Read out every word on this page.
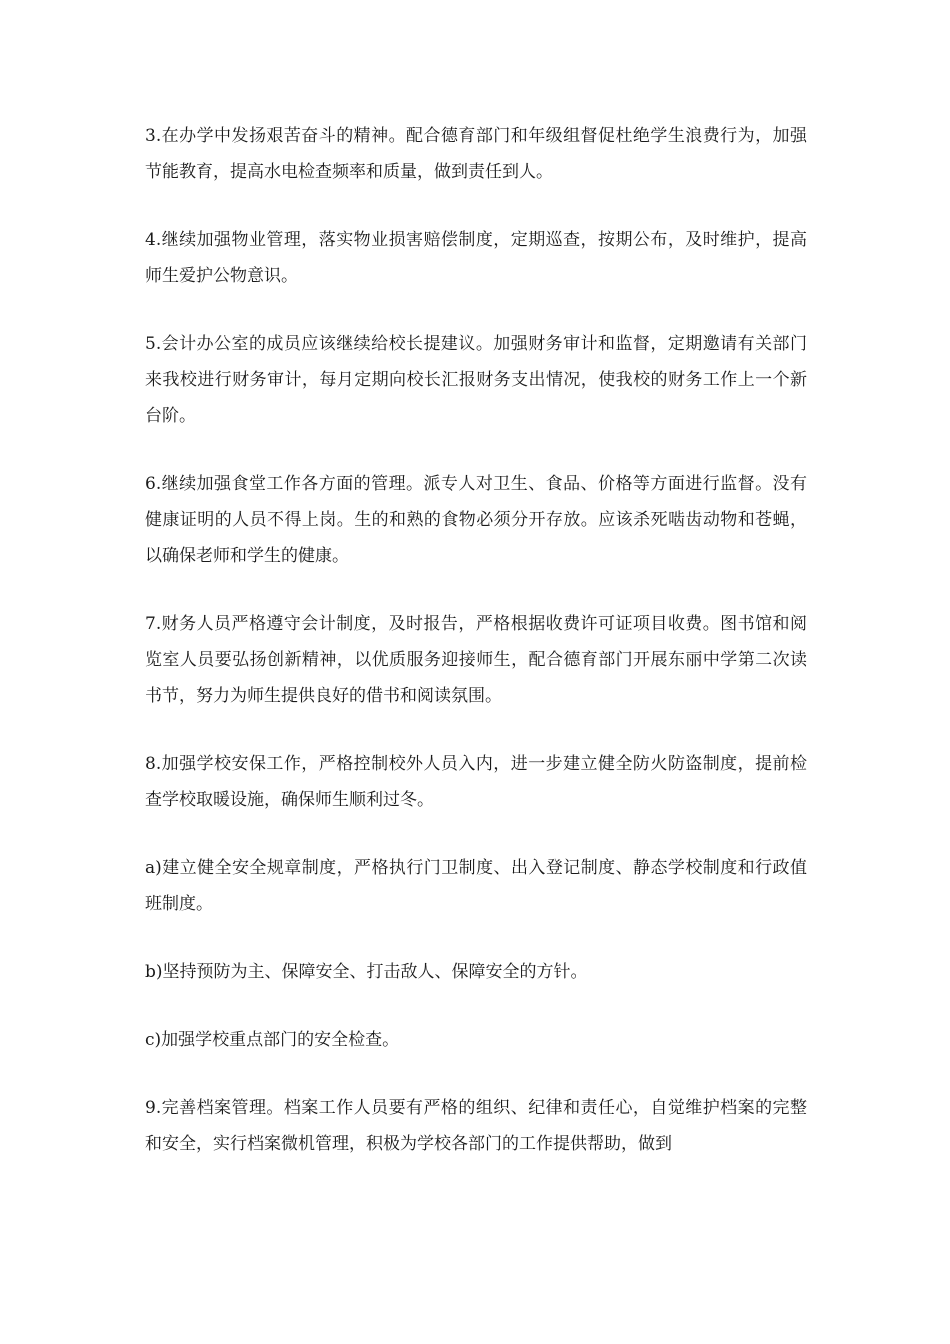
3.在办学中发扬艰苦奋斗的精神。配合德育部门和年级组督促杜绝学生浪费行为，加强节能教育，提高水电检查频率和质量，做到责任到人。

4.继续加强物业管理，落实物业损害赔偿制度，定期巡查，按期公布，及时维护，提高师生爱护公物意识。

5.会计办公室的成员应该继续给校长提建议。加强财务审计和监督，定期邀请有关部门来我校进行财务审计，每月定期向校长汇报财务支出情况，使我校的财务工作上一个新台阶。

6.继续加强食堂工作各方面的管理。派专人对卫生、食品、价格等方面进行监督。没有健康证明的人员不得上岗。生的和熟的食物必须分开存放。应该杀死啮齿动物和苍蝇，以确保老师和学生的健康。

7.财务人员严格遵守会计制度，及时报告，严格根据收费许可证项目收费。图书馆和阅览室人员要弘扬创新精神，以优质服务迎接师生，配合德育部门开展东丽中学第二次读书节，努力为师生提供良好的借书和阅读氛围。

8.加强学校安保工作，严格控制校外人员入内，进一步建立健全防火防盗制度，提前检查学校取暖设施，确保师生顺利过冬。

a)建立健全安全规章制度，严格执行门卫制度、出入登记制度、静态学校制度和行政值班制度。

b)坚持预防为主、保障安全、打击敌人、保障安全的方针。

c)加强学校重点部门的安全检查。

9.完善档案管理。档案工作人员要有严格的组织、纪律和责任心，自觉维护档案的完整和安全，实行档案微机管理，积极为学校各部门的工作提供帮助，做到
